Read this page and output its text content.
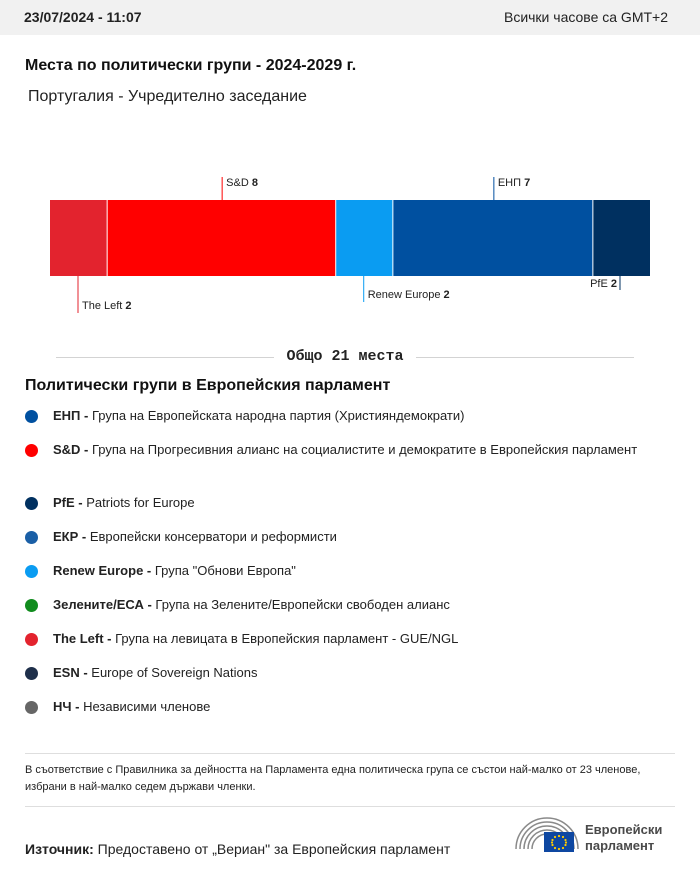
23/07/2024 - 11:07	Всички часове са GMT+2
Места по политически групи - 2024-2029 г.
Португалия - Учредително заседание
The Left 2
S&D 8
Renew Europe 2
ЕНП 7
PfE 2
Общо 21 места
Политически групи в Европейския парламент
ЕНП - Група на Европейската народна партия (Християндемократи)
S&D - Група на Прогресивния алианс на социалистите и демократите в Европейския парламент
PfE - Patriots for Europe
ЕКР - Европейски консерватори и реформисти
Renew Europe - Група "Обнови Европа"
Зелените/ЕСА - Група на Зелените/Европейски свободен алианс
The Left - Група на левицата в Европейския парламент - GUE/NGL
ESN - Europe of Sovereign Nations
НЧ - Независими членове
В съответствие с Правилника за дейността на Парламента една политическа група се състои най-малко от 23 членове, избрани в най-малко седем държави членки.
Източник: Предоставено от „Вериан" за Европейския парламент
Европейски
парламент
